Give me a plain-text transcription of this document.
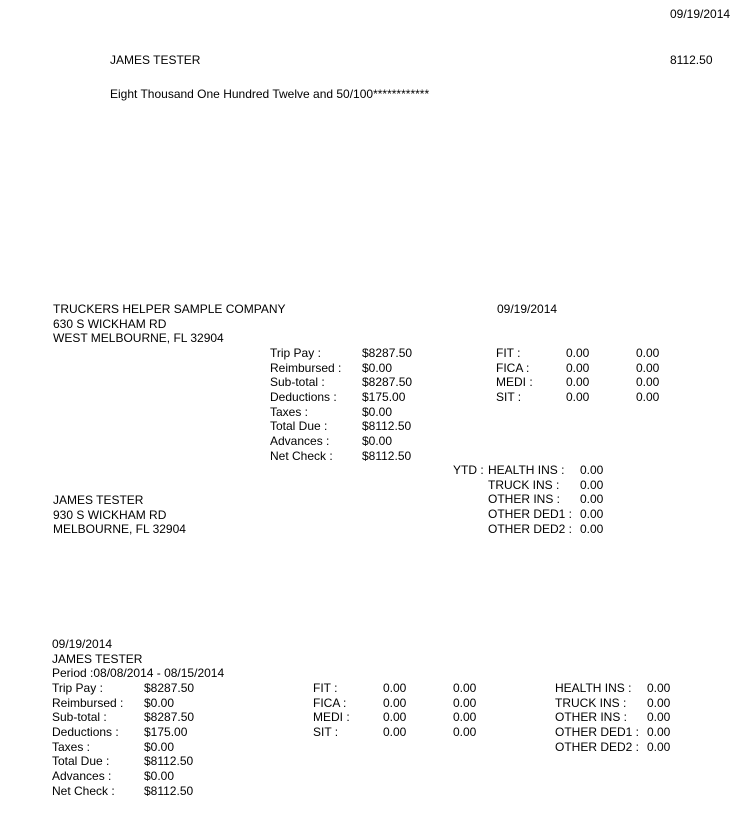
09/19/2014
JAMES TESTER	8112.50
Eight Thousand One Hundred Twelve and 50/100************
TRUCKERS HELPER SAMPLE COMPANY
630 S WICKHAM RD
WEST MELBOURNE, FL 32904
09/19/2014
Trip Pay :
Reimbursed :
Sub-total :
Deductions :
Taxes :
Total Due :
Advances :
Net Check :
$8287.50
$0.00
$8287.50
$175.00
$0.00
$8112.50
$0.00
$8112.50
FIT :
FICA :
MEDI :
SIT :
0.00
0.00
0.00
0.00
0.00
0.00
0.00
0.00
YTD : HEALTH INS :
TRUCK INS :
OTHER INS :
OTHER DED1 :
OTHER DED2 :
0.00
0.00
0.00
0.00
0.00
JAMES TESTER
930 S WICKHAM RD
MELBOURNE, FL 32904
09/19/2014
JAMES TESTER
Period :08/08/2014 - 08/15/2014
Trip Pay :
Reimbursed :
Sub-total :
Deductions :
Taxes :
Total Due :
Advances :
Net Check :
$8287.50
$0.00
$8287.50
$175.00
$0.00
$8112.50
$0.00
$8112.50
FIT :
FICA :
MEDI :
SIT :
0.00
0.00
0.00
0.00
0.00
0.00
0.00
0.00
HEALTH INS :
TRUCK INS :
OTHER INS :
OTHER DED1 :
OTHER DED2 :
0.00
0.00
0.00
0.00
0.00
